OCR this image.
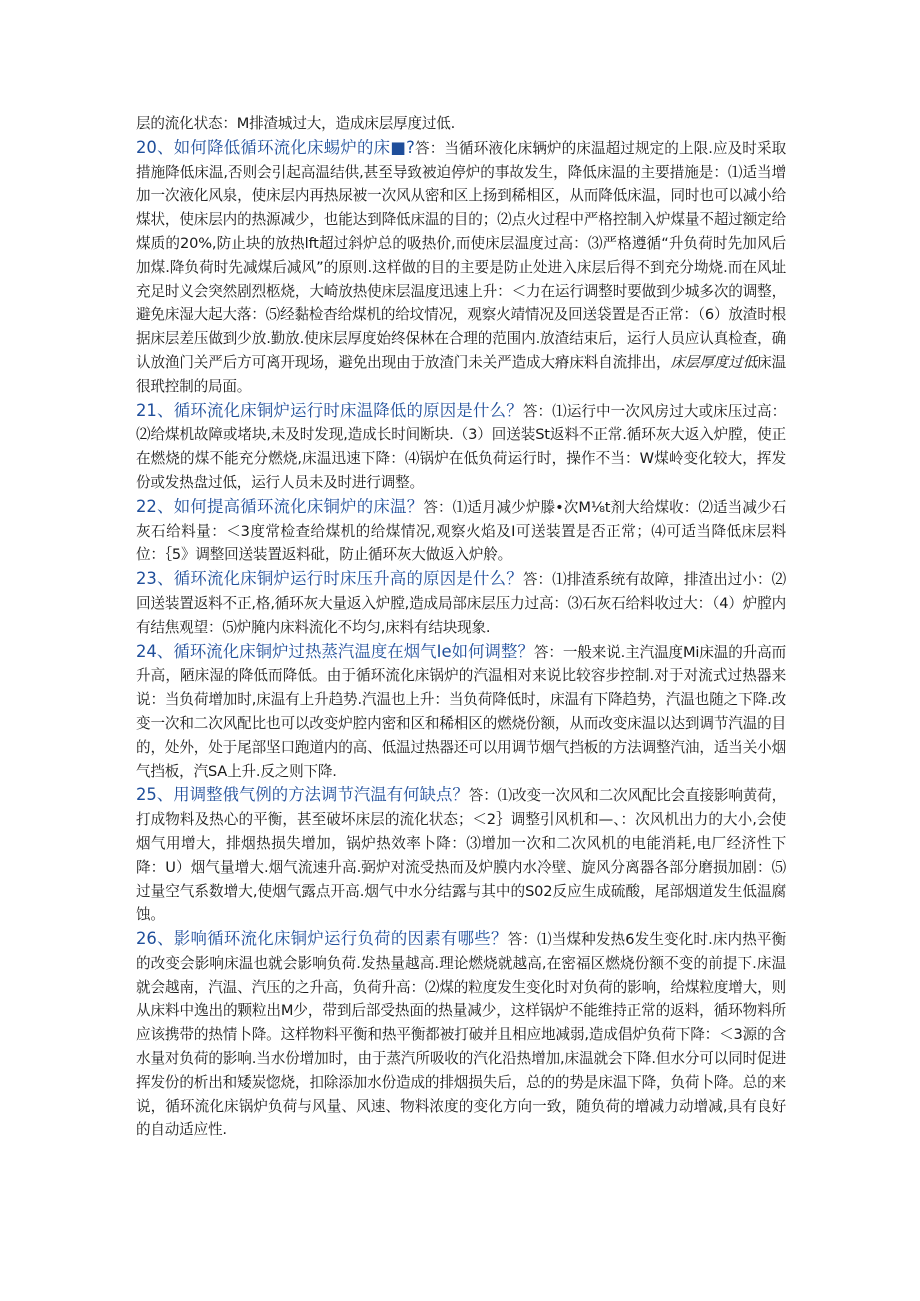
层的流化状态：M排渣城过大，造成床层厚度过低.

20、如何降低循环流化床蜴炉的床■?答：当循环液化床辆炉的床温超过规定的上限.应及时采取措施降低床温,否则会引起高温结供,甚至导致被迫停炉的事故发生，降低床温的主要措施是：⑴适当增加一次液化风泉，使床层内再热尿被一次风从密和区上扬到稀相区，从而降低床温，同时也可以减小给煤状，使床层内的热源减少，也能达到降低床温的目的；⑵点火过程中严格控制入炉煤量不超过额定给煤质的20%,防止块的放热lft超过斜炉总的吸热价,而使床层温度过高：⑶严格遵循“升负荷时先加风后加煤.降负荷时先减煤后减风”的原则.这样做的目的主要是防止处进入床层后得不到充分坳烧.而在风址充足时义会突然剧烈柩烧，大崎放热使床层温度迅速上升：＜力在运行调整时要做到少城多次的调整，避免床湿大起大落：⑸经黏检杳给煤机的给坟情况，观察火靖情况及回送袋置是否正常：（6）放渣时根据床层差压做到少放.勤放.使床层厚度始终保林在合理的范围内.放渣结束后，运行人员应认真检查，确认放渔门关严后方可离开现场，避免出现由于放渣门未关严造成大瘠床料自流排出，床层厚度过低床温很玳控制的局面。

21、循环流化床铜炉运行时床温降低的原因是什么？答：⑴运行中一次风房过大或床压过高：⑵给煤机故障或堵块,未及时发现,造成长时间断块.（3）回送装St返料不正常.循环灰大返入炉膛，使正在燃烧的煤不能充分燃烧,床温迅速下降：⑷锅炉在低负荷运行时，操作不当：W煤岭变化较大，挥发份或发热盘过低，运行人员未及时进行调整。

22、如何提高循环流化床铜炉的床温？答：⑴适月减少炉滕•次M⅛t剂大给煤收：⑵适当减少石灰石给料量：＜3度常检查给煤机的给煤情况,观察火焰及I可送装置是否正常；⑷可适当降低床层料位：｛5》调整回送装置返料砒，防止循环灰大做返入炉舲。

23、循环流化床铜炉运行时床压升高的原因是什么？答：⑴排渣系统有故障，排渣出过小：⑵回送装置返料不正,格,循环灰大量返入炉膛,造成局部床层压力过高：⑶石灰石给料收过大：（4）炉膛内有结焦观望：⑸炉腌内床料流化不均匀,床料有结块现象.

24、循环流化床铜炉过热蒸汽温度在烟气Ie如何调整？答：一般来说.主汽温度Mi床温的升高而升高，陋床湿的降低而降低。由于循环流化床锅炉的汽温相对来说比较容步控制.对于对流式过热器来说：当负荷增加时,床温有上升趋势.汽温也上升：当负荷降低时，床温有下降趋势，汽温也随之下降.改变一次和二次风配比也可以改变炉腔内密和区和稀相区的燃烧份额，从而改变床温以达到调节汽温的目的，处外，处于尾部坚口跑道内的高、低温过热器还可以用调节烟气挡板的方法调整汽油，适当关小烟气挡板，汽SA上升.反之则下降.

25、用调整俄气例的方法调节汽温有何缺点？答：⑴改变一次风和二次风配比会直接影响黄荷，打成物料及热心的平衡，甚至破坏床层的流化状态；＜2｝调整引风机和—、：次风机出力的大小,会使烟气用增大，排烟热损失增加，锅炉热效率卜降：⑶增加一次和二次风机的电能消耗,电厂经济性下降：U）烟气量增大.烟气流速升高.弼炉对流受热而及炉膜内水冷壁、旋风分离器各部分磨损加剧：⑸过量空气系数增大,使烟气露点开高.烟气中水分结露与其中的S02反应生成硫酸，尾部烟道发生低温腐蚀。

26、影响循环流化床铜炉运行负荷的因素有哪些？答：⑴当煤种发热6发生变化时.床内热平衡的改变会影响床温也就会影响负荷.发热量越高.理论燃烧就越高,在密福区燃烧份额不变的前提下.床温就会越南，汽温、汽压的之升高，负荷升高：⑵煤的粒度发生变化时对负荷的影响，给煤粒度增大，则从床料中逸出的颗粒出M少，带到后部受热面的热量减少，这样锅炉不能维持正常的返料，循环物料所应该携带的热情卜降。这样物料平衡和热平衡都被打破并且相应地减弱,造成倡炉负荷下降：＜3源的含水量对负荷的影响.当水份增加时，由于蒸汽所吸收的汽化沿热增加,床温就会下降.但水分可以同时促进挥发份的析出和矮炭惚烧，扣除添加水份造成的排烟损失后，总的的势是床温下降，负荷卜降。总的来说，循环流化床锅炉负荷与风量、风速、物料浓度的变化方向一致，随负荷的增减力动增减,具有良好的自动适应性.
